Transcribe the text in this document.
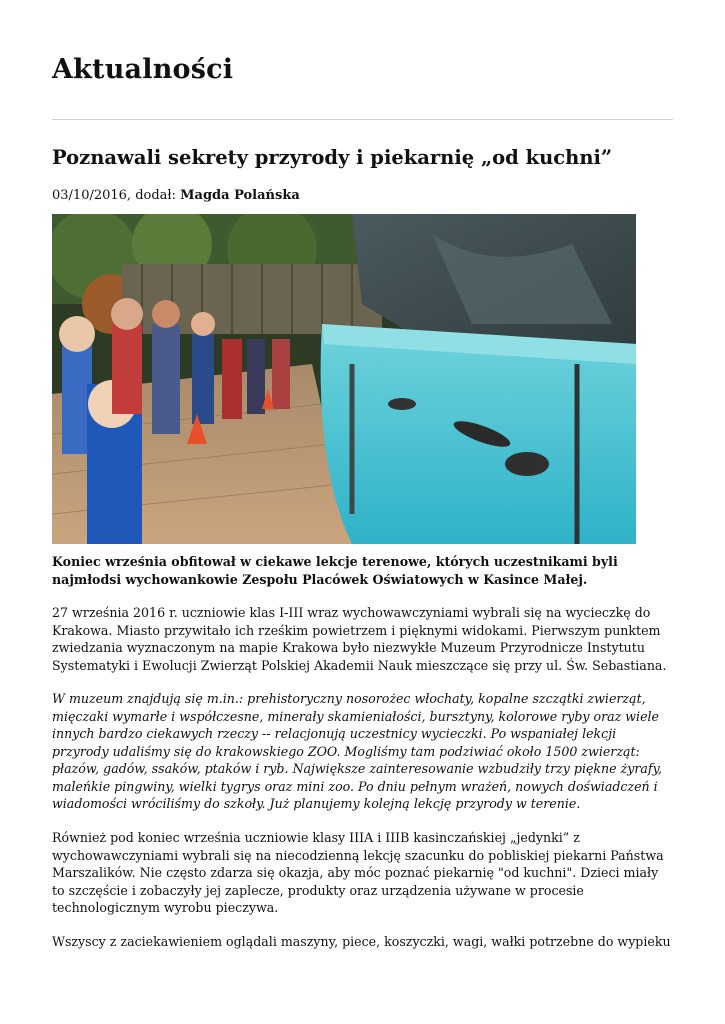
Aktualności
Poznawali sekrety przyrody i piekarnię „od kuchni”
03/10/2016, dodał: Magda Polańska

Koniec września obfitował w ciekawe lekcje terenowe, których uczestnikami byli najmłodsi wychowankowie Zespołu Placówek Oświatowych w Kasince Małej.

27 września 2016 r. uczniowie klas I-III wraz wychowawczyniami wybrali się na wycieczkę do Krakowa. Miasto przywitało ich rześkim powietrzem i pięknymi widokami. Pierwszym punktem zwiedzania wyznaczonym na mapie Krakowa było niezwykłe Muzeum Przyrodnicze Instytutu Systematyki i Ewolucji Zwierząt Polskiej Akademii Nauk mieszczące się przy ul. Św. Sebastiana.

W muzeum znajdują się m.in.: prehistoryczny nosorożec włochaty, kopalne szczątki zwierząt, mięczaki wymarłe i współczesne, minerały skamieniałości, bursztyny, kolorowe ryby oraz wiele innych bardzo ciekawych rzeczy -- relacjonują uczestnicy wycieczki. Po wspaniałej lekcji przyrody udaliśmy się do krakowskiego ZOO. Mogliśmy tam podziwiać około 1500 zwierząt: płazów, gadów, ssaków, ptaków i ryb. Największe zainteresowanie wzbudziły trzy piękne żyrafy, maleńkie pingwiny, wielki tygrys oraz mini zoo. Po dniu pełnym wrażeń, nowych doświadczeń i wiadomości wróciliśmy do szkoły. Już planujemy kolejną lekcję przyrody w terenie.

Również pod koniec września uczniowie klasy IIIA i IIIB kasinczańskiej „jedynki” z wychowawczyniami wybrali się na niecodzienną lekcję szacunku do pobliskiej piekarni Państwa Marszalików. Nie często zdarza się okazja, aby móc poznać piekarnię "od kuchni". Dzieci miały to szczęście i zobaczyły jej zaplecze, produkty oraz urządzenia używane w procesie technologicznym wyrobu pieczywa.

Wszyscy z zaciekawieniem oglądali maszyny, piece, koszyczki, wagi, wałki potrzebne do wypieku
